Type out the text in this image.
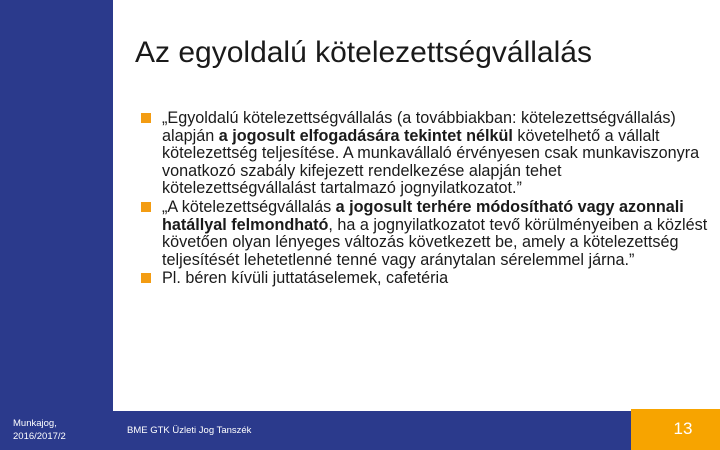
Munkajog, 2016/2017/2
Az egyoldalú kötelezettségvállalás

„Egyoldalú kötelezettségvállalás (a továbbiakban: kötelezettségvállalás) alapján a jogosult elfogadására tekintet nélkül követelhető a vállalt kötelezettség teljesítése. A munkavállaló érvényesen csak munkaviszonyra vonatkozó szabály kifejezett rendelkezése alapján tehet kötelezettségvállalást tartalmazó jognyilatkozatot.”

„A kötelezettségvállalás a jogosult terhére módosítható vagy azonnali hatállyal felmondható, ha a jognyilatkozatot tevő körülményeiben a közlést követően olyan lényeges változás következett be, amely a kötelezettség teljesítését lehetetlenné tenné vagy aránytalan sérelemmel járna.”

Pl. béren kívüli juttatáselemek, cafetéria

BME GTK Üzleti Jog Tanszék	13
